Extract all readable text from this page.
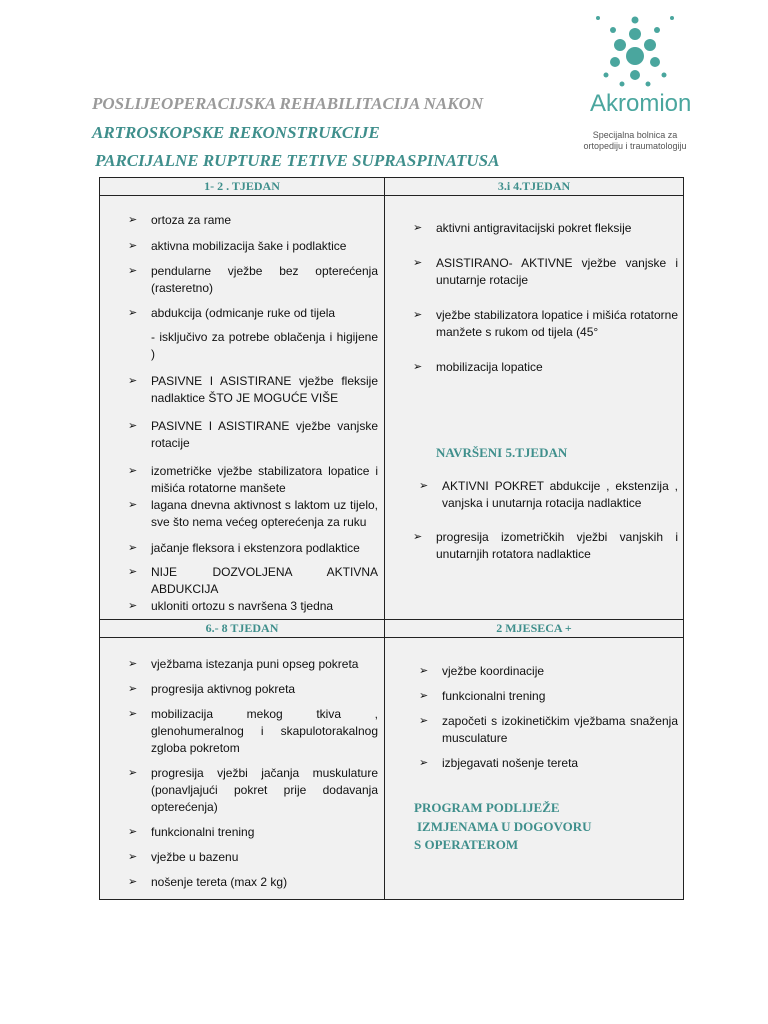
POSLIJEOPERACIJSKA REHABILITACIJA NAKON
ARTROSKOPSKE REKONSTRUKCIJE
PARCIJALNE RUPTURE TETIVE SUPRASPINATUSA
Akromion
Specijalna bolnica za
ortopediju i traumatologiju
1- 2 . TJEDAN
➢ ortoza za rame
➢ aktivna mobilizacija šake i podlaktice
➢ pendularne vježbe bez opterećenja (rasteretno)
➢ abdukcija (odmicanje ruke od tijela
- isključivo za potrebe oblačenja i higijene )
➢ PASIVNE I ASISTIRANE vježbe fleksije nadlaktice ŠTO JE MOGUĆE VIŠE
➢ PASIVNE I ASISTIRANE vježbe vanjske rotacije
➢ izometričke vježbe stabilizatora lopatice i mišića rotatorne manšete
➢ lagana dnevna aktivnost s laktom uz tijelo, sve što nema većeg opterećenja za ruku
➢ jačanje fleksora i ekstenzora podlaktice
➢ NIJE DOZVOLJENA AKTIVNA ABDUKCIJA
➢ ukloniti ortozu s navršena 3 tjedna
3.i 4.TJEDAN
➢ aktivni antigravitacijski pokret fleksije
➢ ASISTIRANO- AKTIVNE vježbe vanjske i unutarnje rotacije
➢ vježbe stabilizatora lopatice i mišića rotatorne manžete s rukom od tijela (45°
➢ mobilizacija lopatice
NAVRŠENI 5.TJEDAN
➢ AKTIVNI POKRET abdukcije , ekstenzija , vanjska i unutarnja rotacija nadlaktice
➢ progresija izometričkih vježbi vanjskih i unutarnjih rotatora nadlaktice
6.- 8 TJEDAN
➢ vježbama istezanja puni opseg pokreta
➢ progresija aktivnog pokreta
➢ mobilizacija mekog tkiva , glenohumeralnog i skapulotorakalnog zgloba pokretom
➢ progresija vježbi jačanja muskulature (ponavljajući pokret prije dodavanja opterećenja)
➢ funkcionalni trening
➢ vježbe u bazenu
➢ nošenje tereta (max 2 kg)
2 MJESECA +
➢ vježbe koordinacije
➢ funkcionalni trening
➢ započeti s izokinetičkim vježbama snaženja musculature
➢ izbjegavati nošenje tereta
PROGRAM PODLIJEŽE
IZMJENAMA U DOGOVORU
S OPERATEROM
